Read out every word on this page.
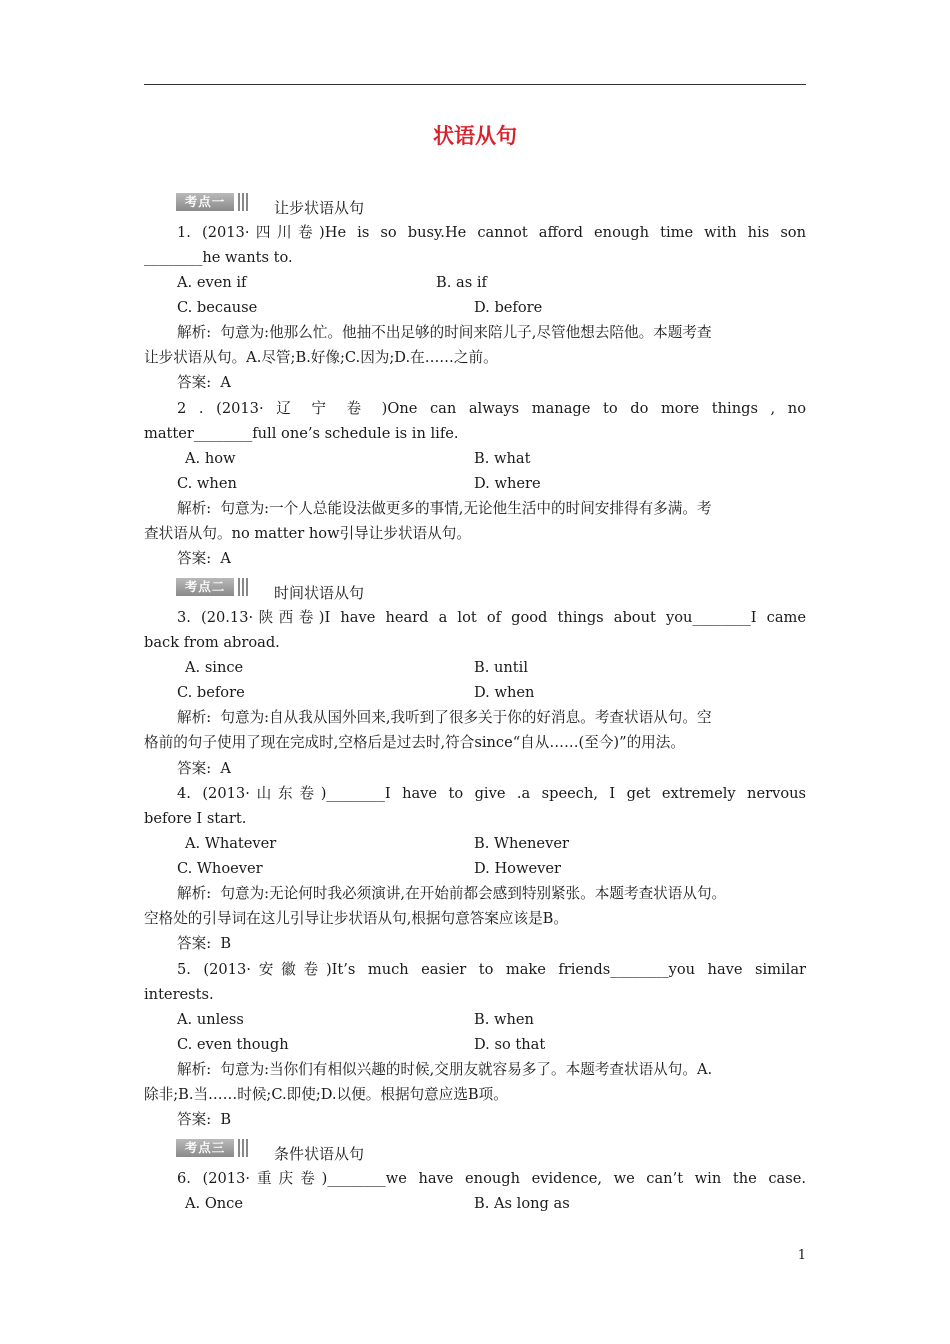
状语从句
考点一	让步状语从句
1. (2013·四川卷)He is so busy.He cannot afford enough time with his son
________he wants to.
A. even if	B. as if
C. because	D. before
解析:  句意为:他那么忙。他抽不出足够的时间来陪儿子,尽管他想去陪他。本题考查
让步状语从句。A.尽管;B.好像;C.因为;D.在……之前。
答案:  A
2 . (2013· 辽 宁 卷 )One can always manage to do more things , no
matter________full one’s schedule is in life.
A. how	B. what
C. when	D. where
解析:  句意为:一个人总能设法做更多的事情,无论他生活中的时间安排得有多满。考
查状语从句。no matter how引导让步状语从句。
答案:  A
考点二	时间状语从句
3. (20.13·陕西卷)I have heard a lot of good things about you________I came
back from abroad.
A. since	B. until
C. before	D. when
解析:  句意为:自从我从国外回来,我听到了很多关于你的好消息。考查状语从句。空
格前的句子使用了现在完成时,空格后是过去时,符合since“自从……(至今)”的用法。
答案:  A
4. (2013·山东卷)________I have to give .a speech, I get extremely nervous
before I start.
A. Whatever	B. Whenever
C. Whoever	D. However
解析:  句意为:无论何时我必须演讲,在开始前都会感到特别紧张。本题考查状语从句。
空格处的引导词在这儿引导让步状语从句,根据句意答案应该是B。
答案:  B
5. (2013·安徽卷)It’s much easier to make friends________you have similar
interests.
A. unless	B. when
C. even though	D. so that
解析:  句意为:当你们有相似兴趣的时候,交朋友就容易多了。本题考查状语从句。A.
除非;B.当……时候;C.即使;D.以便。根据句意应选B项。
答案:  B
考点三	条件状语从句
6. (2013·重庆卷)________we have enough evidence, we can’t win the case.
A. Once	B. As long as
1
